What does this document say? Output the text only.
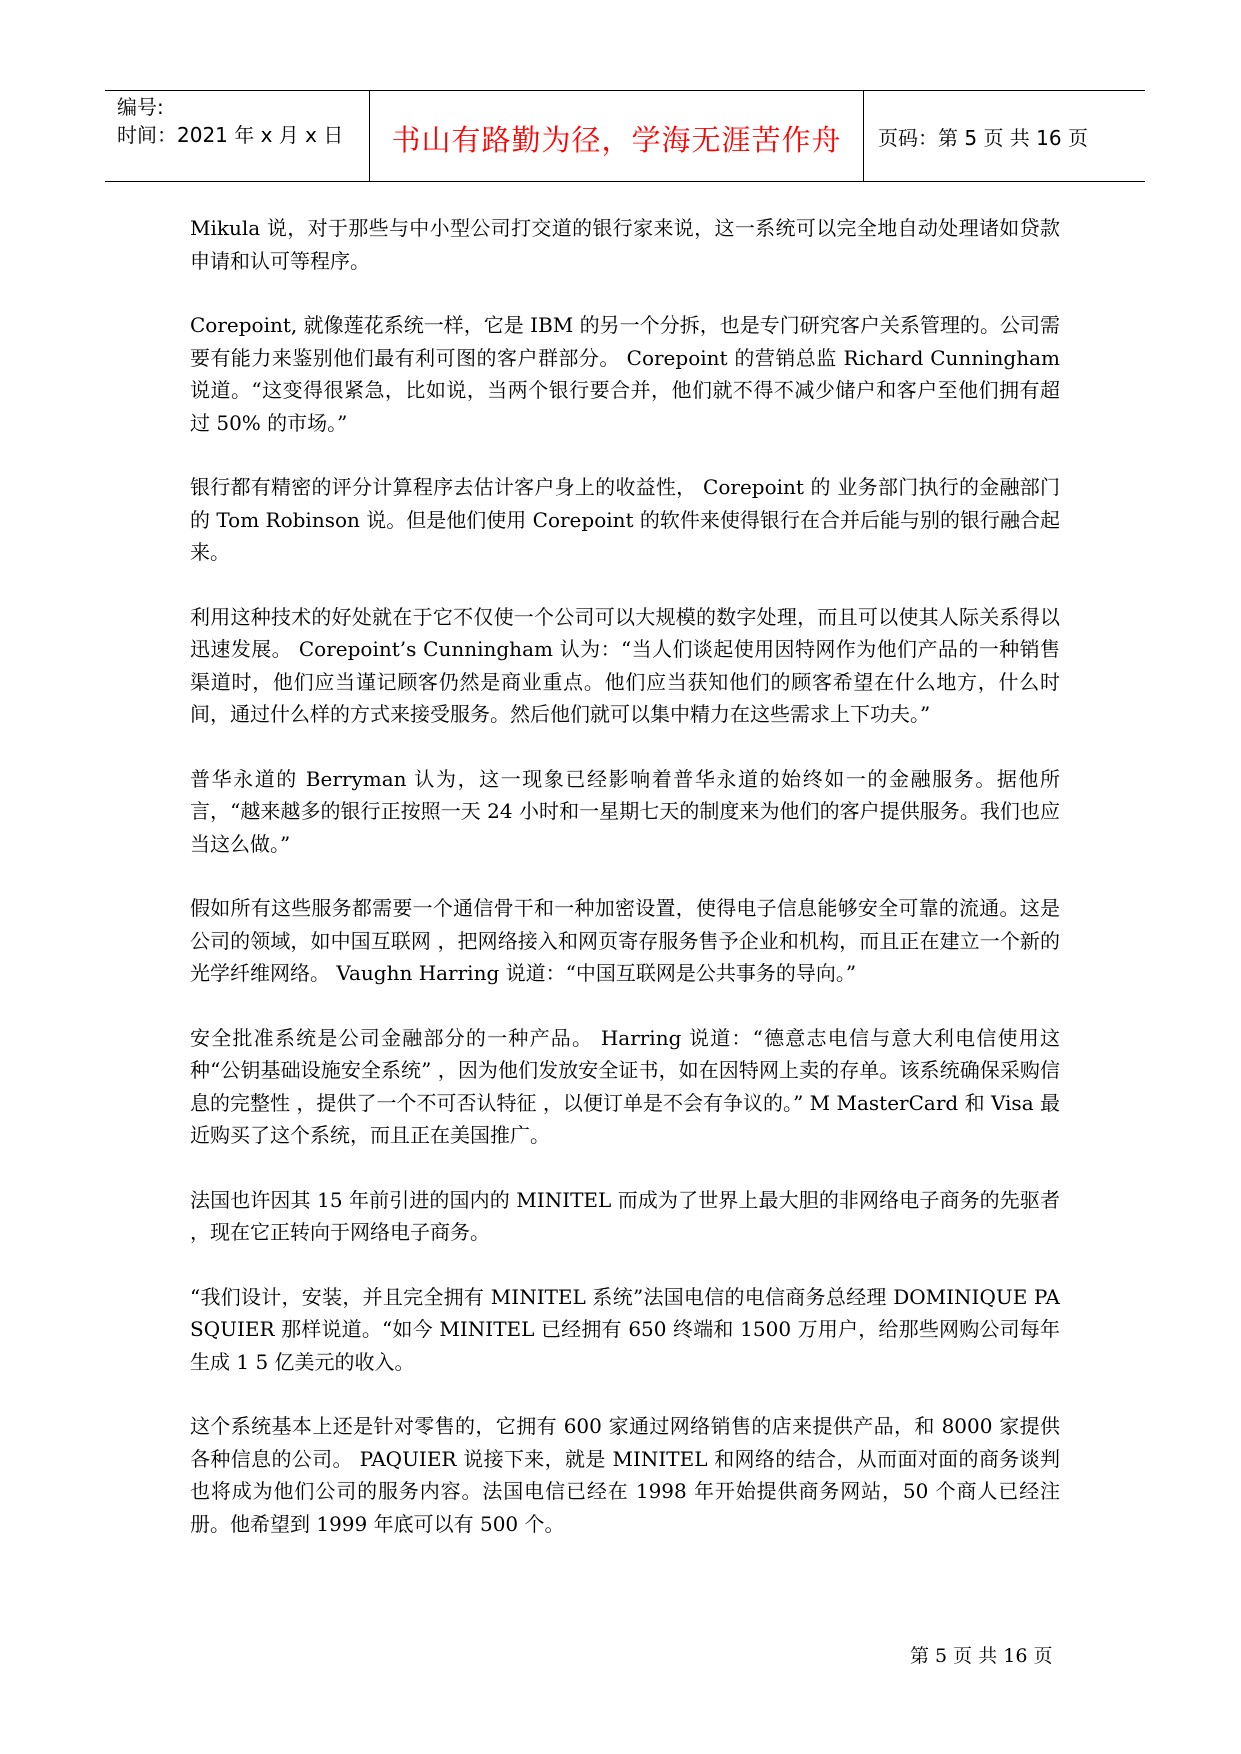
编号:
时间：2021 年 x 月 x 日	书山有路勤为径，学海无涯苦作舟	页码：第 5 页 共 16 页

Mikula 说，对于那些与中小型公司打交道的银行家来说，这一系统可以完全地自动处理诸如贷款申请和认可等程序。

Corepoint, 就像莲花系统一样，它是 IBM 的另一个分拆，也是专门研究客户关系管理的。公司需要有能力来鉴别他们最有利可图的客户群部分。 Corepoint 的营销总监 Richard Cunningham 说道。“这变得很紧急，比如说，当两个银行要合并，他们就不得不减少储户和客户至他们拥有超过 50% 的市场。”

银行都有精密的评分计算程序去估计客户身上的收益性， Corepoint 的 业务部门执行的金融部门的 Tom Robinson 说。但是他们使用 Corepoint 的软件来使得银行在合并后能与别的银行融合起来。

利用这种技术的好处就在于它不仅使一个公司可以大规模的数字处理，而且可以使其人际关系得以迅速发展。 Corepoint’s Cunningham 认为：“当人们谈起使用因特网作为他们产品的一种销售渠道时，他们应当谨记顾客仍然是商业重点。他们应当获知他们的顾客希望在什么地方，什么时间，通过什么样的方式来接受服务。然后他们就可以集中精力在这些需求上下功夫。”

普华永道的 Berryman 认为，这一现象已经影响着普华永道的始终如一的金融服务。据他所言，“越来越多的银行正按照一天 24 小时和一星期七天的制度来为他们的客户提供服务。我们也应当这么做。”

假如所有这些服务都需要一个通信骨干和一种加密设置，使得电子信息能够安全可靠的流通。这是公司的领域，如中国互联网 ，把网络接入和网页寄存服务售予企业和机构，而且正在建立一个新的光学纤维网络。 Vaughn Harring 说道：“中国互联网是公共事务的导向。”

安全批准系统是公司金融部分的一种产品。 Harring 说道：“德意志电信与意大利电信使用这种“公钥基础设施安全系统” ，因为他们发放安全证书，如在因特网上卖的存单。该系统确保采购信息的完整性 ，提供了一个不可否认特征 ，以便订单是不会有争议的。” M MasterCard 和 Visa 最近购买了这个系统，而且正在美国推广。

法国也许因其 15 年前引进的国内的 MINITEL 而成为了世界上最大胆的非网络电子商务的先驱者 ，现在它正转向于网络电子商务。

“我们设计，安装，并且完全拥有 MINITEL 系统”法国电信的电信商务总经理 DOMINIQUE PASQUIER 那样说道。“如今 MINITEL 已经拥有 650 终端和 1500 万用户，给那些网购公司每年生成 1 5 亿美元的收入。

这个系统基本上还是针对零售的，它拥有 600 家通过网络销售的店来提供产品，和 8000 家提供各种信息的公司。 PAQUIER 说接下来，就是 MINITEL 和网络的结合，从而面对面的商务谈判也将成为他们公司的服务内容。法国电信已经在 1998 年开始提供商务网站，50 个商人已经注册。他希望到 1999 年底可以有 500 个。

第 5 页 共 16 页
